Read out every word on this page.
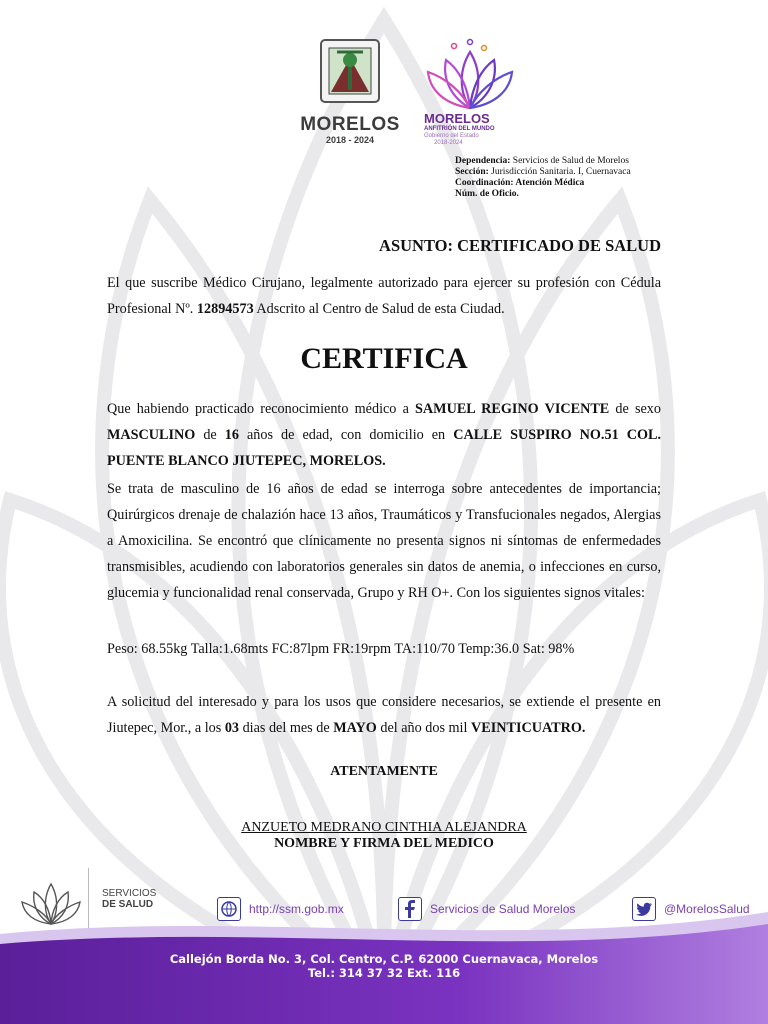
MORELOS
2018 - 2024
MORELOS
ANFITRIÓN DEL MUNDO
Gobierno del Estado
2018-2024
Dependencia: Servicios de Salud de Morelos
Sección: Jurisdicción Sanitaria. I, Cuernavaca
Coordinación: Atención Médica
Núm. de Oficio.
ASUNTO: CERTIFICADO DE SALUD

El que suscribe Médico Cirujano, legalmente autorizado para ejercer su profesión con Cédula Profesional Nº. 12894573 Adscrito al Centro de Salud de esta Ciudad.

CERTIFICA

Que habiendo practicado reconocimiento médico a SAMUEL REGINO VICENTE de sexo MASCULINO de 16 años de edad, con domicilio en CALLE SUSPIRO NO.51 COL. PUENTE BLANCO JIUTEPEC, MORELOS.

Se trata de masculino de 16 años de edad se interroga sobre antecedentes de importancia; Quirúrgicos drenaje de chalazión hace 13 años, Traumáticos y Transfucionales negados, Alergias a Amoxicilina. Se encontró que clínicamente no presenta signos ni síntomas de enfermedades transmisibles, acudiendo con laboratorios generales sin datos de anemia, o infecciones en curso, glucemia y funcionalidad renal conservada, Grupo y RH O+. Con los siguientes signos vitales:

Peso: 68.55kg Talla:1.68mts FC:87lpm FR:19rpm TA:110/70 Temp:36.0 Sat: 98%

A solicitud del interesado y para los usos que considere necesarios, se extiende el presente en Jiutepec, Mor., a los 03 dias del mes de MAYO del año dos mil VEINTICUATRO.

ATENTAMENTE
ANZUETO MEDRANO CINTHIA ALEJANDRA
NOMBRE Y FIRMA DEL MEDICO
SERVICIOS
DE SALUD	http://ssm.gob.mx	Servicios de Salud Morelos	@MorelosSalud
Callejón Borda No. 3, Col. Centro, C.P. 62000 Cuernavaca, Morelos
Tel.: 314 37 32 Ext. 116
